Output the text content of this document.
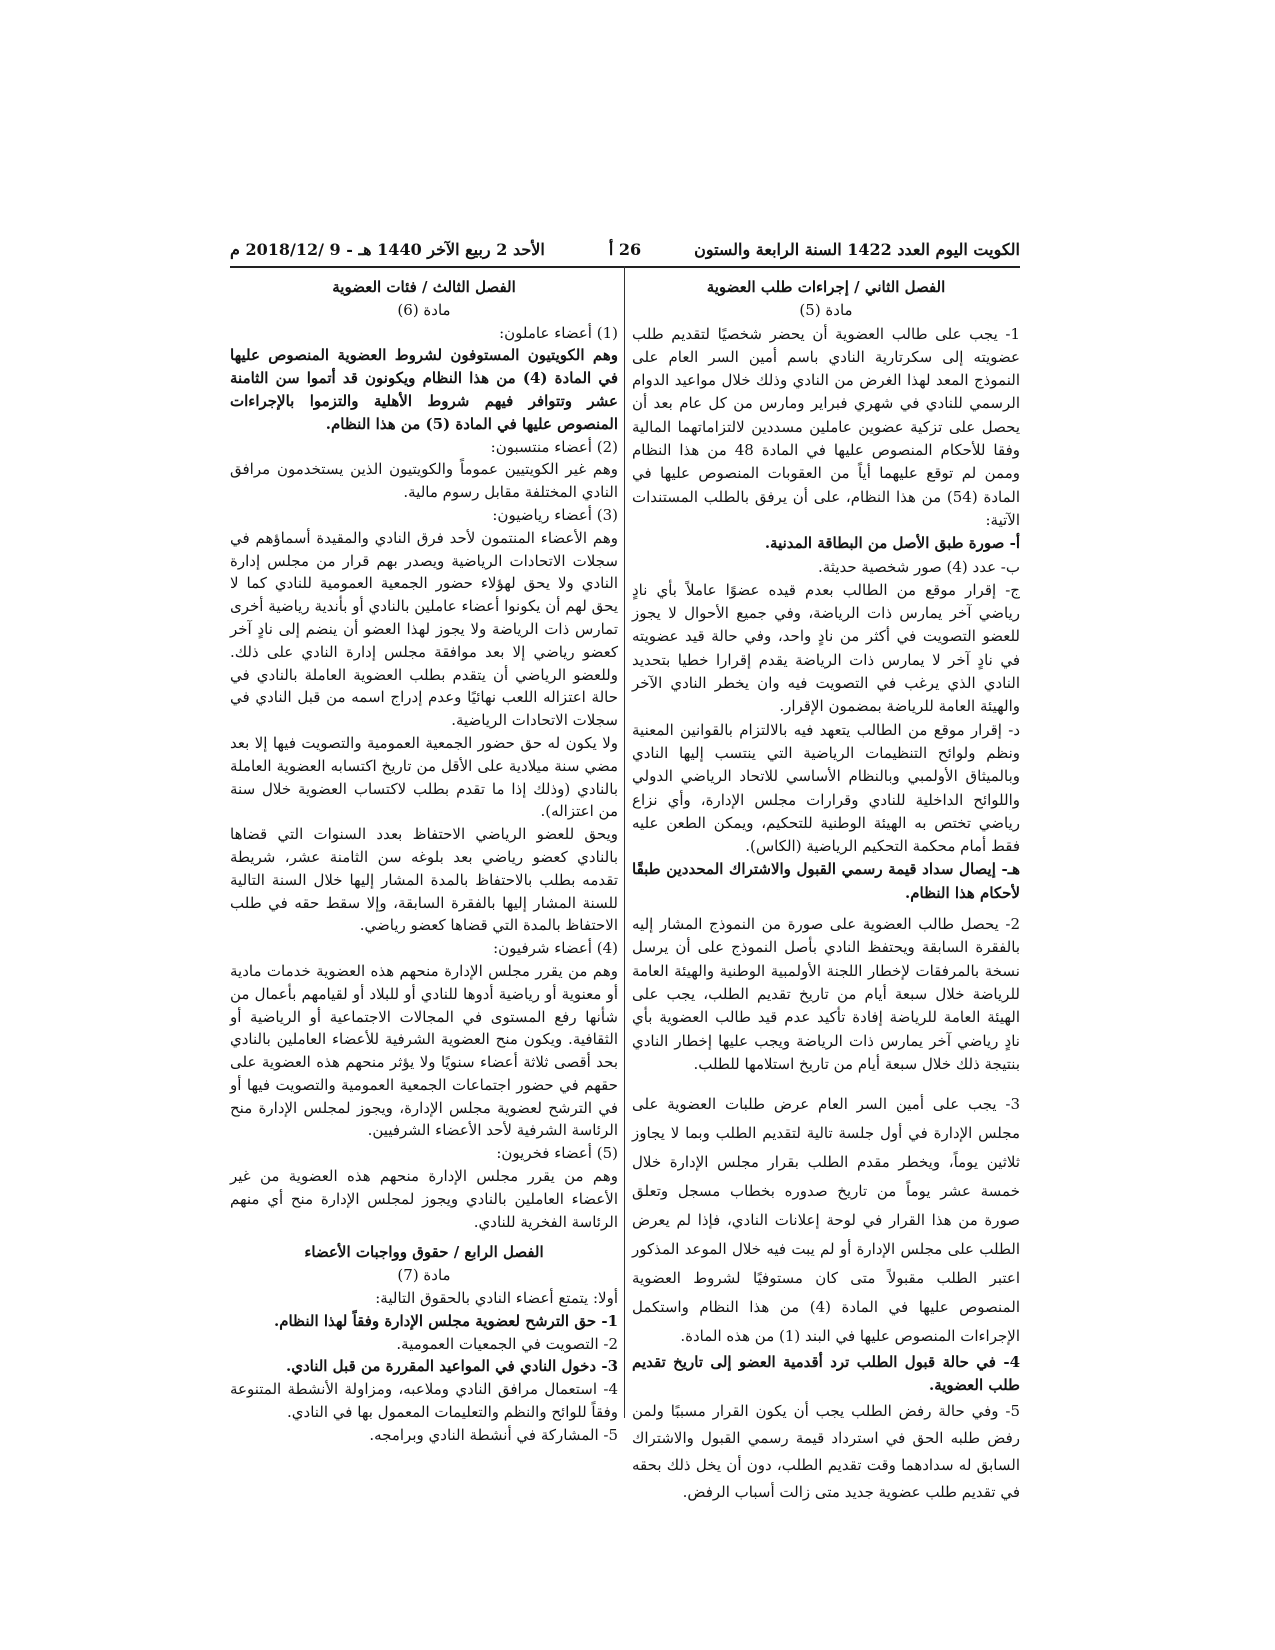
الكويت اليوم العدد 1422 السنة الرابعة والستون
26 أ
الأحد 2 ربيع الآخر 1440 هـ - 9 /2018/12 م

الفصل الثاني / إجراءات طلب العضوية

مادة (5)

1- يجب على طالب العضوية أن يحضر شخصيًا لتقديم طلب عضويته إلى سكرتارية النادي باسم أمين السر العام على النموذج المعد لهذا الغرض من النادي وذلك خلال مواعيد الدوام الرسمي للنادي في شهري فبراير ومارس من كل عام بعد أن يحصل على تزكية عضوين عاملين مسددين لالتزاماتهما المالية وفقا للأحكام المنصوص عليها في المادة 48 من هذا النظام وممن لم توقع عليهما أياً من العقوبات المنصوص عليها في المادة (54) من هذا النظام، على أن يرفق بالطلب المستندات الآتية:

أ- صورة طبق الأصل من البطاقة المدنية.

ب- عدد (4) صور شخصية حديثة.

ج- إقرار موقع من الطالب بعدم قيده عضوًا عاملاً بأي نادٍ رياضي آخر يمارس ذات الرياضة، وفي جميع الأحوال لا يجوز للعضو التصويت في أكثر من نادٍ واحد، وفي حالة قيد عضويته في نادٍ آخر لا يمارس ذات الرياضة يقدم إقرارا خطيا بتحديد النادي الذي يرغب في التصويت فيه وان يخطر النادي الآخر والهيئة العامة للرياضة بمضمون الإقرار.

د- إقرار موقع من الطالب يتعهد فيه بالالتزام بالقوانين المعنية ونظم ولوائح التنظيمات الرياضية التي ينتسب إليها النادي وبالميثاق الأولمبي وبالنظام الأساسي للاتحاد الرياضي الدولي واللوائح الداخلية للنادي وقرارات مجلس الإدارة، وأي نزاع رياضي تختص به الهيئة الوطنية للتحكيم، ويمكن الطعن عليه فقط أمام محكمة التحكيم الرياضية (الكاس).

هـ- إيصال سداد قيمة رسمي القبول والاشتراك المحددين طبقًا لأحكام هذا النظام.

2- يحصل طالب العضوية على صورة من النموذج المشار إليه بالفقرة السابقة ويحتفظ النادي بأصل النموذج على أن يرسل نسخة بالمرفقات لإخطار اللجنة الأولمبية الوطنية والهيئة العامة للرياضة خلال سبعة أيام من تاريخ تقديم الطلب، يجب على الهيئة العامة للرياضة إفادة تأكيد عدم قيد طالب العضوية بأي نادٍ رياضي آخر يمارس ذات الرياضة ويجب عليها إخطار النادي بنتيجة ذلك خلال سبعة أيام من تاريخ استلامها للطلب.

3- يجب على أمين السر العام عرض طلبات العضوية على مجلس الإدارة في أول جلسة تالية لتقديم الطلب وبما لا يجاوز ثلاثين يوماً، ويخطر مقدم الطلب بقرار مجلس الإدارة خلال خمسة عشر يوماً من تاريخ صدوره بخطاب مسجل وتعلق صورة من هذا القرار في لوحة إعلانات النادي، فإذا لم يعرض الطلب على مجلس الإدارة أو لم يبت فيه خلال الموعد المذكور اعتبر الطلب مقبولاً متى كان مستوفيًا لشروط العضوية المنصوص عليها في المادة (4) من هذا النظام واستكمل الإجراءات المنصوص عليها في البند (1) من هذه المادة.

4- في حالة قبول الطلب ترد أقدمية العضو إلى تاريخ تقديم طلب العضوية.

5- وفي حالة رفض الطلب يجب أن يكون القرار مسببًا ولمن رفض طلبه الحق في استرداد قيمة رسمي القبول والاشتراك السابق له سدادهما وقت تقديم الطلب، دون أن يخل ذلك بحقه في تقديم طلب عضوية جديد متى زالت أسباب الرفض.

الفصل الثالث / فئات العضوية

مادة (6)

(1) أعضاء عاملون:

وهم الكويتيون المستوفون لشروط العضوية المنصوص عليها في المادة (4) من هذا النظام ويكونون قد أتموا سن الثامنة عشر وتتوافر فيهم شروط الأهلية والتزموا بالإجراءات المنصوص عليها في المادة (5) من هذا النظام.

(2) أعضاء منتسبون:

وهم غير الكويتيين عموماً والكويتيون الذين يستخدمون مرافق النادي المختلفة مقابل رسوم مالية.

(3) أعضاء رياضيون:

وهم الأعضاء المنتمون لأحد فرق النادي والمقيدة أسماؤهم في سجلات الاتحادات الرياضية ويصدر بهم قرار من مجلس إدارة النادي ولا يحق لهؤلاء حضور الجمعية العمومية للنادي كما لا يحق لهم أن يكونوا أعضاء عاملين بالنادي أو بأندية رياضية أخرى تمارس ذات الرياضة ولا يجوز لهذا العضو أن ينضم إلى نادٍ آخر كعضو رياضي إلا بعد موافقة مجلس إدارة النادي على ذلك. وللعضو الرياضي أن يتقدم بطلب العضوية العاملة بالنادي في حالة اعتزاله اللعب نهائيًا وعدم إدراج اسمه من قبل النادي في سجلات الاتحادات الرياضية.

ولا يكون له حق حضور الجمعية العمومية والتصويت فيها إلا بعد مضي سنة ميلادية على الأقل من تاريخ اكتسابه العضوية العاملة بالنادي (وذلك إذا ما تقدم بطلب لاكتساب العضوية خلال سنة من اعتزاله).

ويحق للعضو الرياضي الاحتفاظ بعدد السنوات التي قضاها بالنادي كعضو رياضي بعد بلوغه سن الثامنة عشر، شريطة تقدمه بطلب بالاحتفاظ بالمدة المشار إليها خلال السنة التالية للسنة المشار إليها بالفقرة السابقة، وإلا سقط حقه في طلب الاحتفاظ بالمدة التي قضاها كعضو رياضي.

(4) أعضاء شرفيون:

وهم من يقرر مجلس الإدارة منحهم هذه العضوية خدمات مادية أو معنوية أو رياضية أدوها للنادي أو للبلاد أو لقيامهم بأعمال من شأنها رفع المستوى في المجالات الاجتماعية أو الرياضية أو الثقافية. ويكون منح العضوية الشرفية للأعضاء العاملين بالنادي بحد أقصى ثلاثة أعضاء سنويًا ولا يؤثر منحهم هذه العضوية على حقهم في حضور اجتماعات الجمعية العمومية والتصويت فيها أو في الترشح لعضوية مجلس الإدارة، ويجوز لمجلس الإدارة منح الرئاسة الشرفية لأحد الأعضاء الشرفيين.

(5) أعضاء فخريون:

وهم من يقرر مجلس الإدارة منحهم هذه العضوية من غير الأعضاء العاملين بالنادي ويجوز لمجلس الإدارة منح أي منهم الرئاسة الفخرية للنادي.

الفصل الرابع / حقوق وواجبات الأعضاء

مادة (7)

أولا: يتمتع أعضاء النادي بالحقوق التالية:

1- حق الترشح لعضوية مجلس الإدارة وفقاً لهذا النظام.

2- التصويت في الجمعيات العمومية.

3- دخول النادي في المواعيد المقررة من قبل النادي.

4- استعمال مرافق النادي وملاعبه، ومزاولة الأنشطة المتنوعة وفقاً للوائح والنظم والتعليمات المعمول بها في النادي.

5- المشاركة في أنشطة النادي وبرامجه.
